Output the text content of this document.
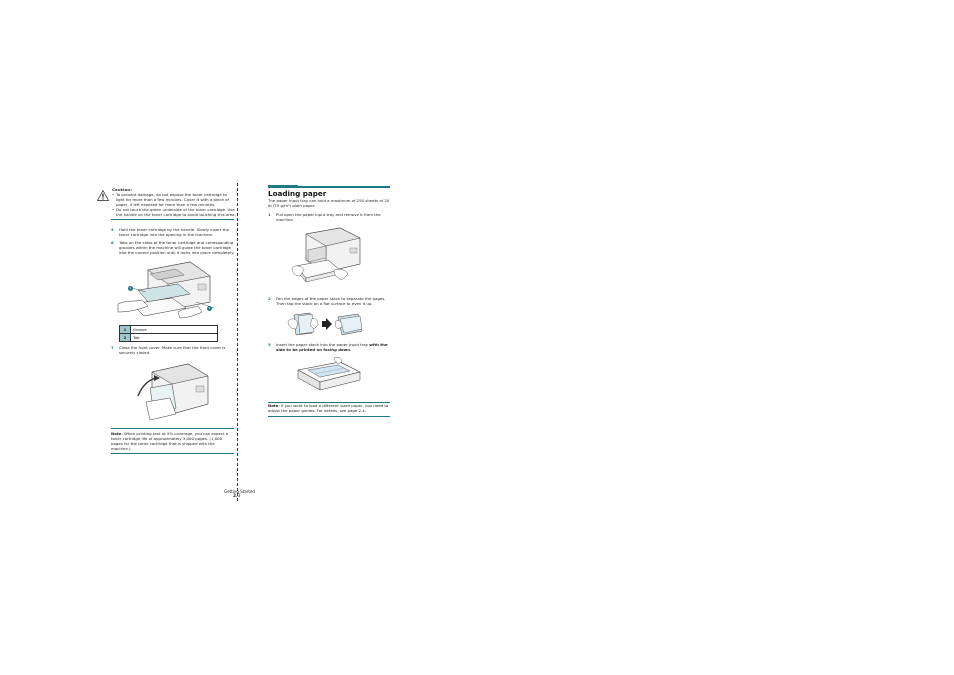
Caution:
• To prevent damage, do not expose the toner cartridge to light for more than a few minutes. Cover it with a piece of paper, if left exposed for more than a few minutes.
• Do not touch the green underside of the toner cartridge. Use the handle on the toner cartridge to avoid touching this area.
5	Hold the toner cartridge by the handle. Slowly insert the toner cartridge into the opening in the machine.
6	Tabs on the sides of the toner cartridge and corresponding grooves within the machine will guide the toner cartridge into the correct position until it locks into place completely.
1
2
1	Groove
2	Tab
7	Close the front cover. Make sure that the front cover is securely closed.
Note: When printing text at 5% coverage, you can expect a toner cartridge life of approximately 3,000 pages. (1,000 pages for the toner cartridge that is shipped with the machine.)
Loading paper
The paper input tray can hold a maximum of 250 sheets of 20 lb (75 g/m²) plain paper.
1	Pull open the paper input tray and remove it from the machine.
2	Fan the edges of the paper stack to separate the pages. Then tap the stack on a flat surface to even it up.
3	Insert the paper stack into the paper input tray with the side to be printed on facing down.
Note: If you want to load a different sized paper, you need to adjust the paper guides. For details, see page 2.4.
2.3
Getting Started
